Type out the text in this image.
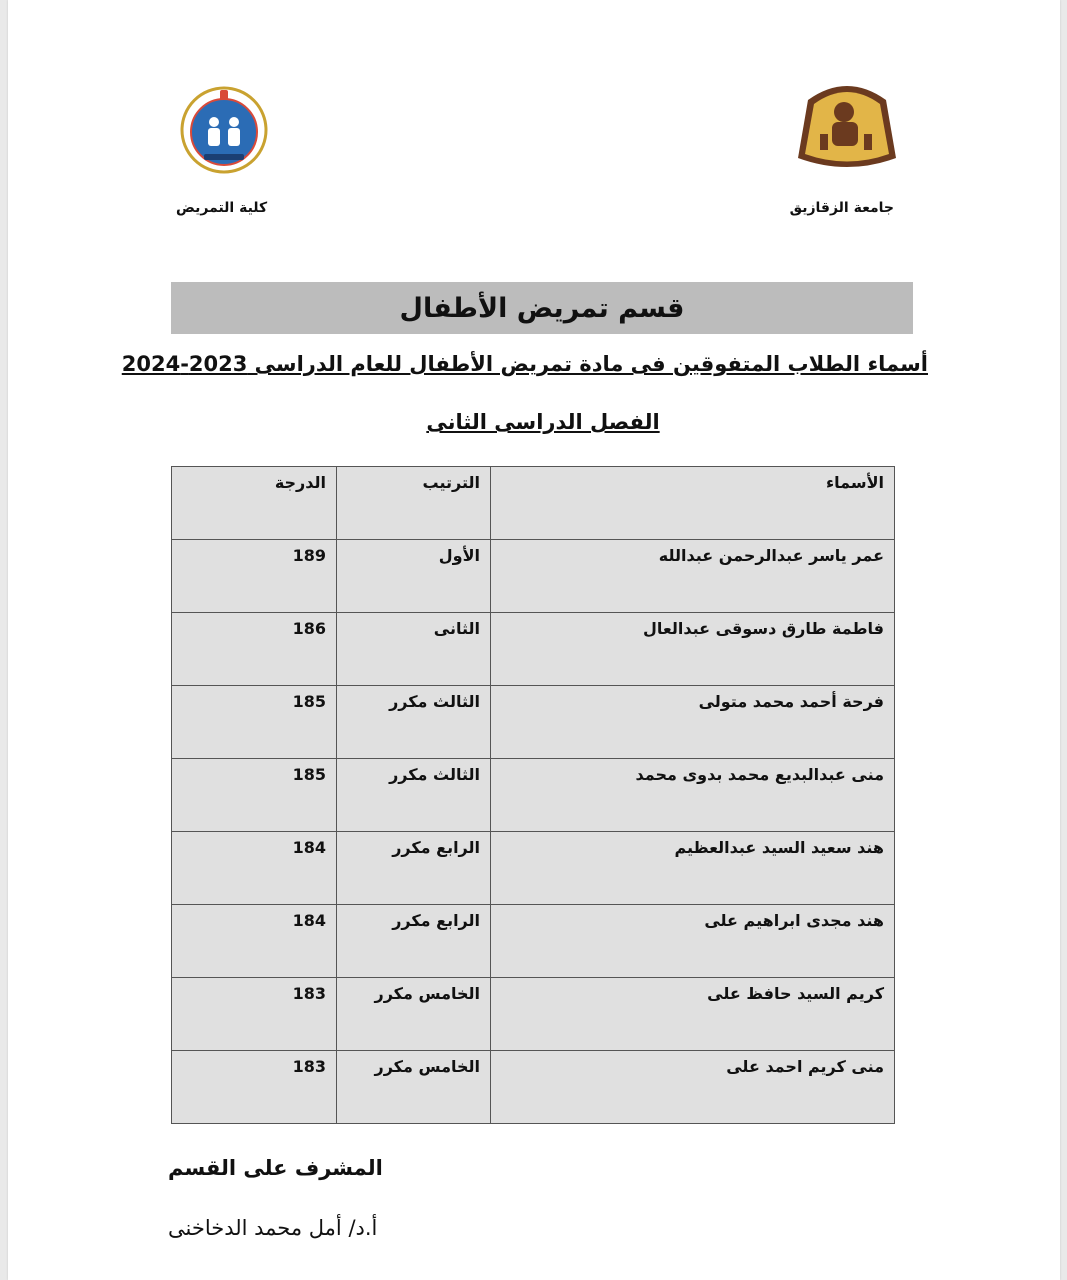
جامعة الزقازيق
كلية التمريض
قسم تمريض الأطفال
أسماء الطلاب المتفوقين فى مادة تمريض الأطفال للعام الدراسى 2023-2024
الفصل الدراسى الثانى
الأسماء	الترتيب	الدرجة

عمر ياسر عبدالرحمن عبدالله	الأول	189

فاطمة طارق دسوقى عبدالعال	الثانى	186

فرحة أحمد محمد متولى	الثالث مكرر	185

منى عبدالبديع محمد بدوى محمد	الثالث مكرر	185

هند سعيد السيد عبدالعظيم	الرابع مكرر	184

هند مجدى ابراهيم على	الرابع مكرر	184

كريم السيد حافظ على	الخامس مكرر	183

منى كريم احمد على	الخامس مكرر	183
المشرف على القسم
أ.د/ أمل محمد الدخاخنى
